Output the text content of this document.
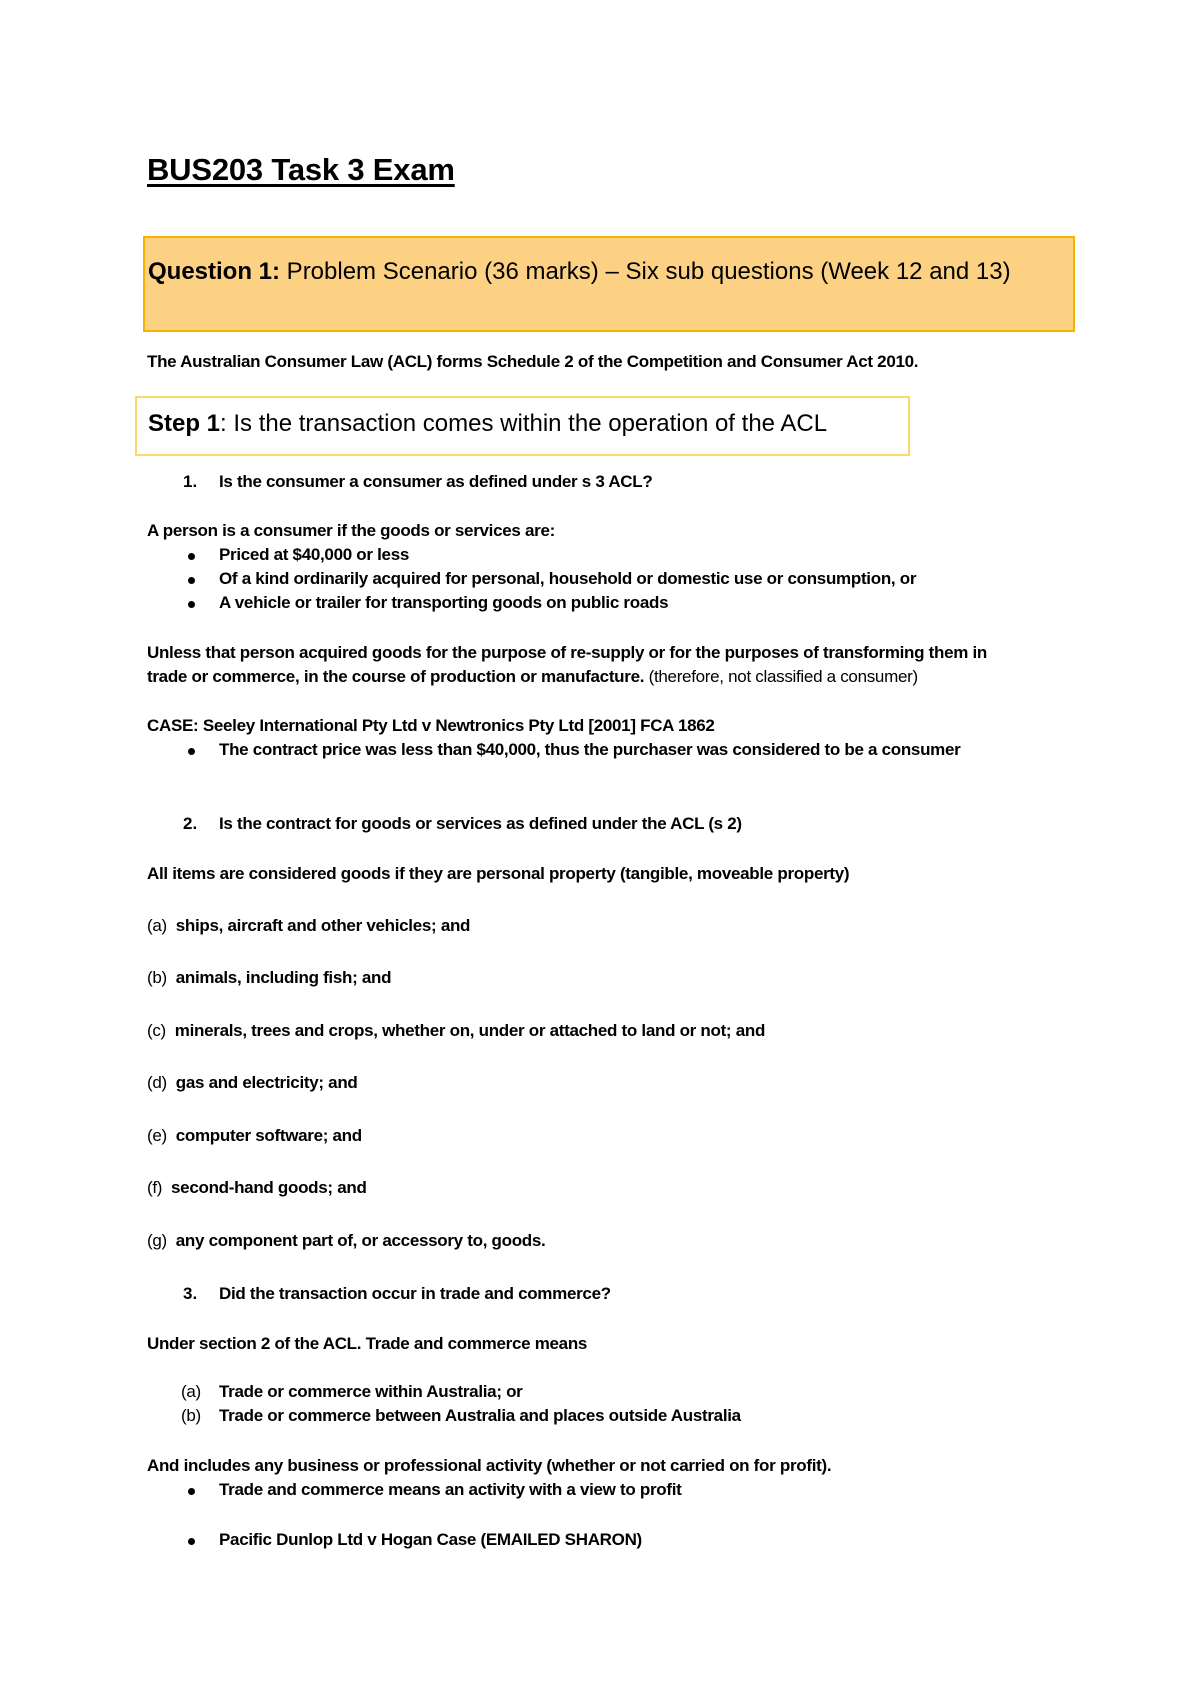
BUS203 Task 3 Exam
Question 1: Problem Scenario (36 marks) – Six sub questions (Week 12 and 13)
The Australian Consumer Law (ACL) forms Schedule 2 of the Competition and Consumer Act 2010.
Step 1: Is the transaction comes within the operation of the ACL
1. Is the consumer a consumer as defined under s 3 ACL?
A person is a consumer if the goods or services are:
Priced at $40,000 or less
Of a kind ordinarily acquired for personal, household or domestic use or consumption, or
A vehicle or trailer for transporting goods on public roads
Unless that person acquired goods for the purpose of re-supply or for the purposes of transforming them in
trade or commerce, in the course of production or manufacture. (therefore, not classified a consumer)
CASE: Seeley International Pty Ltd v Newtronics Pty Ltd [2001] FCA 1862
The contract price was less than $40,000, thus the purchaser was considered to be a consumer
2. Is the contract for goods or services as defined under the ACL (s 2)
All items are considered goods if they are personal property (tangible, moveable property)
(a) ships, aircraft and other vehicles; and
(b) animals, including fish; and
(c) minerals, trees and crops, whether on, under or attached to land or not; and
(d) gas and electricity; and
(e) computer software; and
(f) second-hand goods; and
(g) any component part of, or accessory to, goods.
3. Did the transaction occur in trade and commerce?
Under section 2 of the ACL. Trade and commerce means
(a) Trade or commerce within Australia; or
(b) Trade or commerce between Australia and places outside Australia
And includes any business or professional activity (whether or not carried on for profit).
Trade and commerce means an activity with a view to profit
Pacific Dunlop Ltd v Hogan Case (EMAILED SHARON)
